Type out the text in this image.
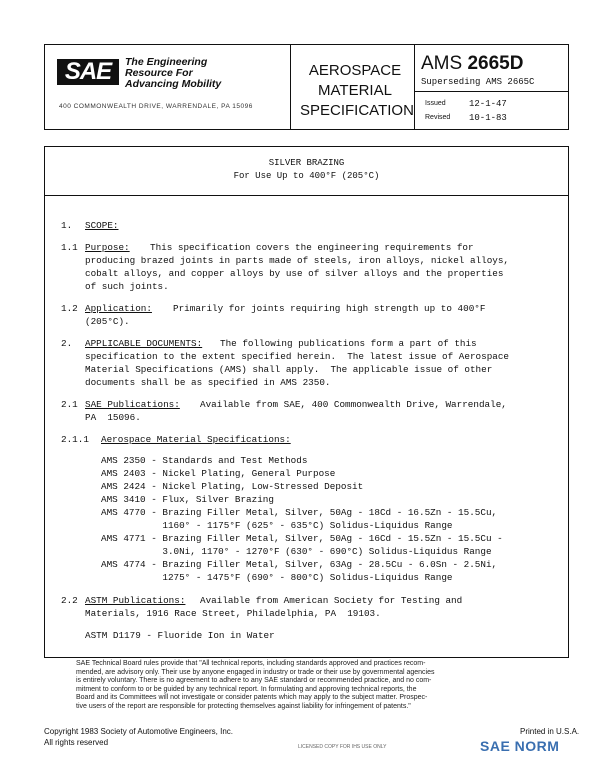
SAE	The Engineering
Resource For
Advancing Mobility
400 COMMONWEALTH DRIVE, WARRENDALE, PA 15096
AEROSPACE
MATERIAL
SPECIFICATION
AMS 2665D
Superseding AMS 2665C
Issued	12-1-47
Revised	10-1-83
SILVER BRAZING
For Use Up to 400°F (205°C)
1. SCOPE:
1.1 Purpose: This specification covers the engineering requirements for
producing brazed joints in parts made of steels, iron alloys, nickel alloys,
cobalt alloys, and copper alloys by use of silver alloys and the properties
of such joints.
1.2 Application: Primarily for joints requiring high strength up to 400°F
(205°C).
2. APPLICABLE DOCUMENTS: The following publications form a part of this
specification to the extent specified herein.  The latest issue of Aerospace
Material Specifications (AMS) shall apply.  The applicable issue of other
documents shall be as specified in AMS 2350.
2.1 SAE Publications: Available from SAE, 400 Commonwealth Drive, Warrendale,
PA  15096.
2.1.1 Aerospace Material Specifications:
AMS 2350 - Standards and Test Methods
AMS 2403 - Nickel Plating, General Purpose
AMS 2424 - Nickel Plating, Low-Stressed Deposit
AMS 3410 - Flux, Silver Brazing
AMS 4770 - Brazing Filler Metal, Silver, 50Ag - 18Cd - 16.5Zn - 15.5Cu,
1160° - 1175°F (625° - 635°C) Solidus-Liquidus Range
AMS 4771 - Brazing Filler Metal, Silver, 50Ag - 16Cd - 15.5Zn - 15.5Cu -
3.0Ni, 1170° - 1270°F (630° - 690°C) Solidus-Liquidus Range
AMS 4774 - Brazing Filler Metal, Silver, 63Ag - 28.5Cu - 6.0Sn - 2.5Ni,
1275° - 1475°F (690° - 800°C) Solidus-Liquidus Range
2.2 ASTM Publications: Available from American Society for Testing and
Materials, 1916 Race Street, Philadelphia, PA  19103.
ASTM D1179 - Fluoride Ion in Water
SAE Technical Board rules provide that "All technical reports, including standards approved and practices recom-
mended, are advisory only. Their use by anyone engaged in industry or trade or their use by governmental agencies
is entirely voluntary. There is no agreement to adhere to any SAE standard or recommended practice, and no com-
mitment to conform to or be guided by any technical report. In formulating and approving technical reports, the
Board and its Committees will not investigate or consider patents which may apply to the subject matter. Prospec-
tive users of the report are responsible for protecting themselves against liability for infringement of patents."
Copyright 1983 Society of Automotive Engineers, Inc.
All rights reserved	LICENSED COPY FOR IHS USE ONLY
Printed in U.S.A.
SAE NORM
